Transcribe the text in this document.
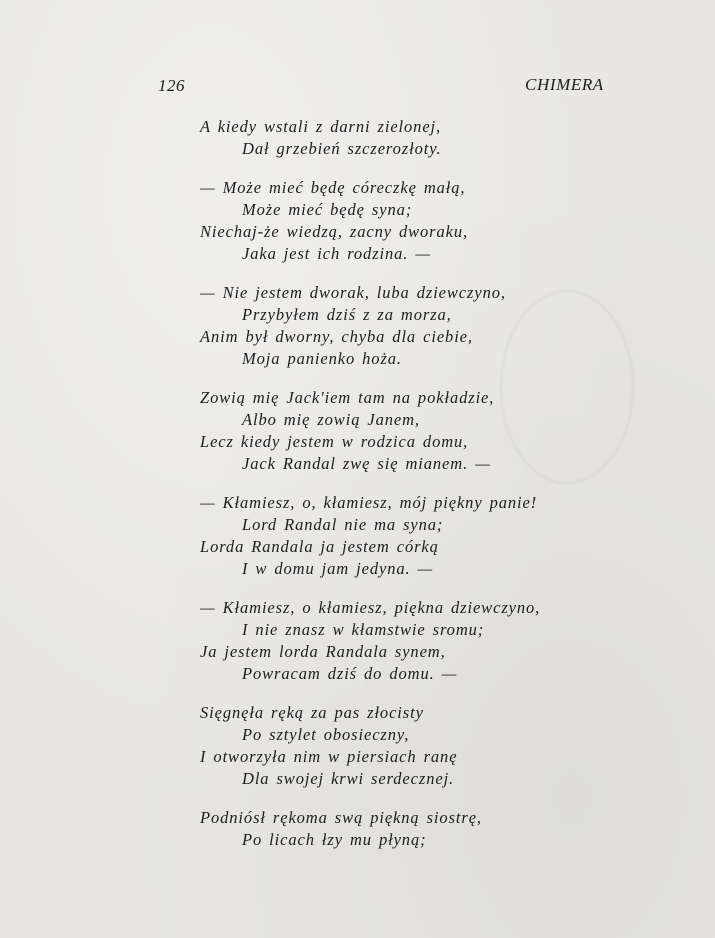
126	CHIMERA

A kiedy wstali z darni zielonej,
Dał grzebień szczerozłoty.
— Może mieć będę córeczkę małą,
Może mieć będę syna;
Niechaj-że wiedzą, zacny dworaku,
Jaka jest ich rodzina. —
— Nie jestem dworak, luba dziewczyno,
Przybyłem dziś z za morza,
Anim był dworny, chyba dla ciebie,
Moja panienko hoża.
Zowią mię Jack'iem tam na pokładzie,
Albo mię zowią Janem,
Lecz kiedy jestem w rodzica domu,
Jack Randal zwę się mianem. —
— Kłamiesz, o, kłamiesz, mój piękny panie!
Lord Randal nie ma syna;
Lorda Randala ja jestem córką
I w domu jam jedyna. —
— Kłamiesz, o kłamiesz, piękna dziewczyno,
I nie znasz w kłamstwie sromu;
Ja jestem lorda Randala synem,
Powracam dziś do domu. —
Sięgnęła ręką za pas złocisty
Po sztylet obosieczny,
I otworzyła nim w piersiach ranę
Dla swojej krwi serdecznej.
Podniósł rękoma swą piękną siostrę,
Po licach łzy mu płyną;
